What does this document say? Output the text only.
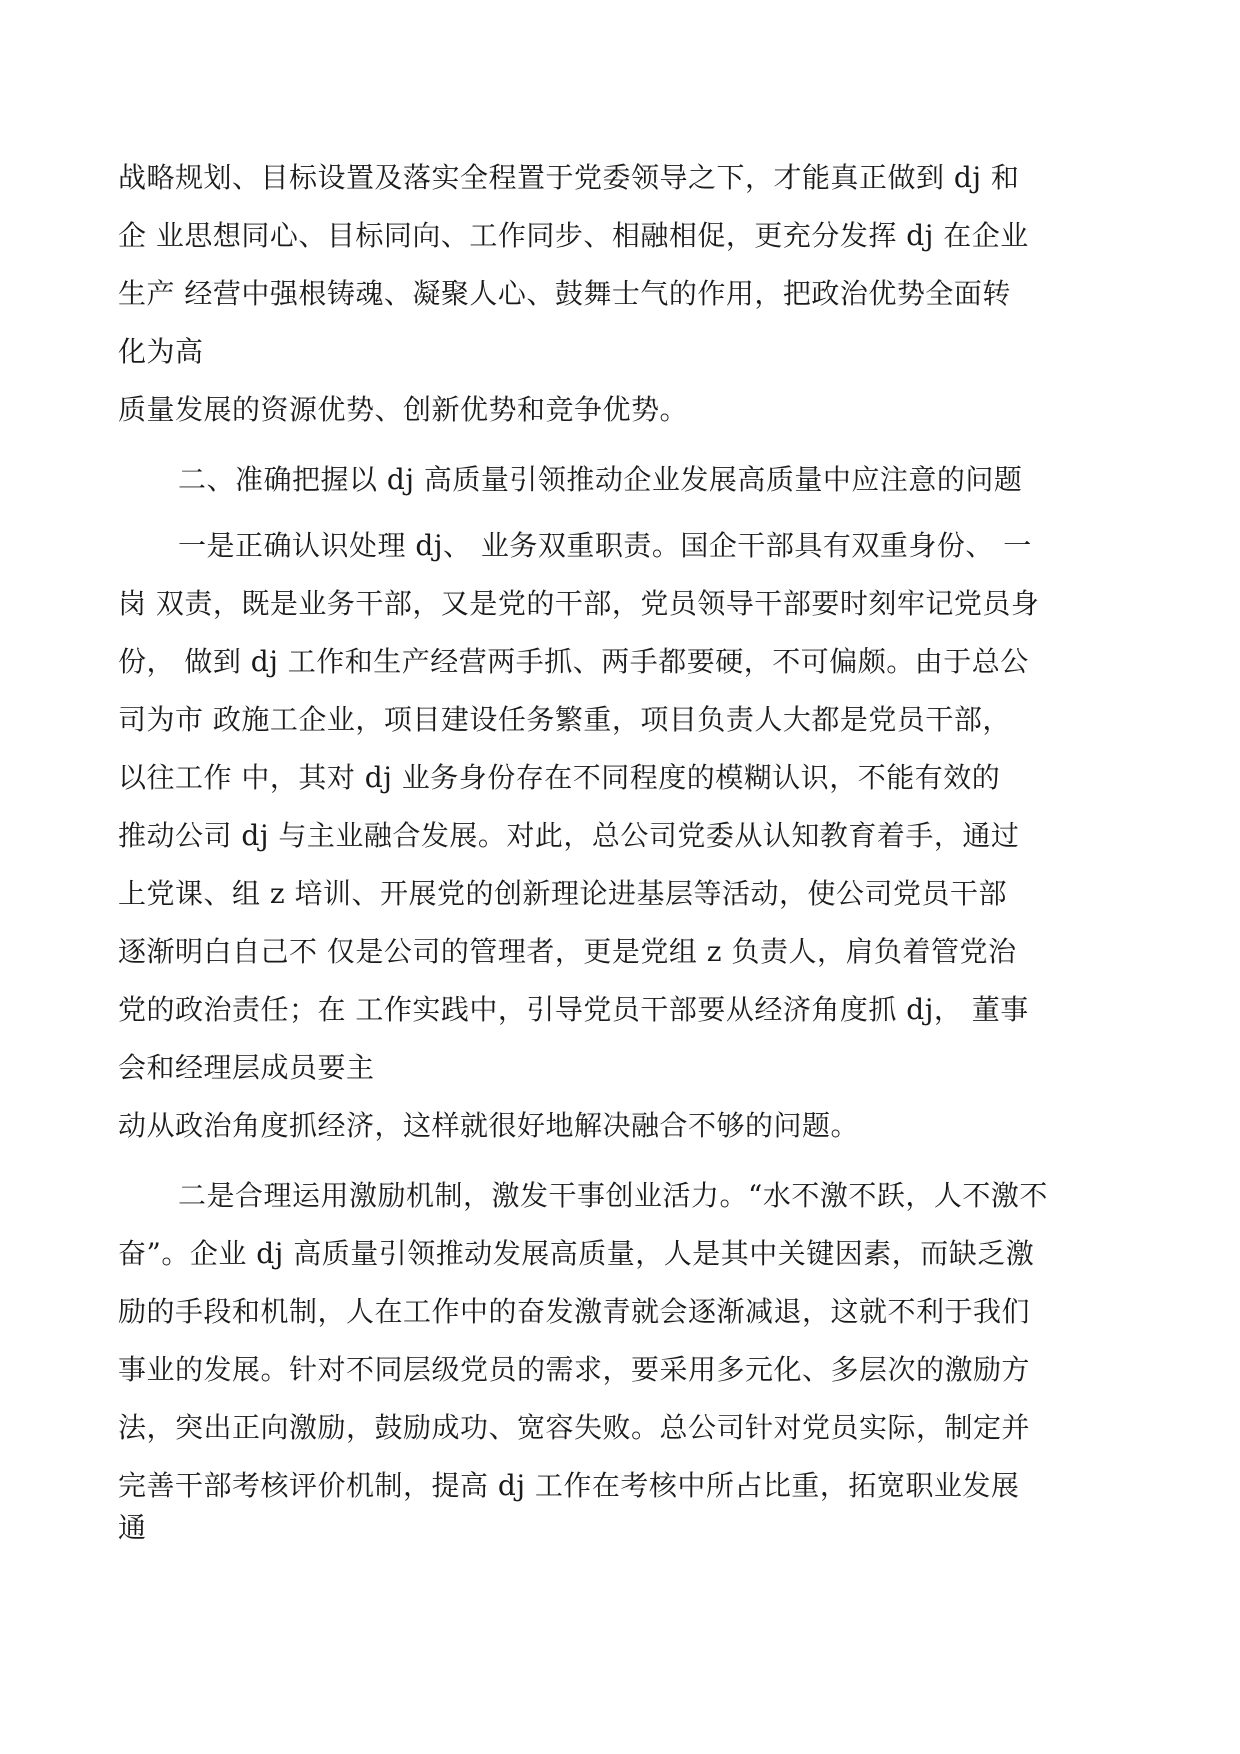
战略规划、目标设置及落实全程置于党委领导之下，才能真正做到 dj 和
企 业思想同心、目标同向、工作同步、相融相促，更充分发挥 dj 在企业
生产 经营中强根铸魂、凝聚人心、鼓舞士气的作用，把政治优势全面转
化为高
质量发展的资源优势、创新优势和竞争优势。
二、准确把握以 dj 高质量引领推动企业发展高质量中应注意的问题
一是正确认识处理 dj、 业务双重职责。国企干部具有双重身份、 一
岗 双责，既是业务干部，又是党的干部，党员领导干部要时刻牢记党员身
份， 做到 dj 工作和生产经营两手抓、两手都要硬，不可偏颇。由于总公
司为市 政施工企业，项目建设任务繁重，项目负责人大都是党员干部，
以往工作 中，其对 dj 业务身份存在不同程度的模糊认识，不能有效的
推动公司 dj 与主业融合发展。对此，总公司党委从认知教育着手，通过
上党课、组 z 培训、开展党的创新理论进基层等活动，使公司党员干部
逐渐明白自己不 仅是公司的管理者，更是党组 z 负责人，肩负着管党治
党的政治责任；在 工作实践中，引导党员干部要从经济角度抓 dj， 董事
会和经理层成员要主
动从政治角度抓经济，这样就很好地解决融合不够的问题。
二是合理运用激励机制，激发干事创业活力。“水不激不跃，人不激不
奋”。企业 dj 高质量引领推动发展高质量，人是其中关键因素，而缺乏激
励的手段和机制，人在工作中的奋发激青就会逐渐减退，这就不利于我们
事业的发展。针对不同层级党员的需求，要采用多元化、多层次的激励方
法，突出正向激励，鼓励成功、宽容失败。总公司针对党员实际，制定并
完善干部考核评价机制，提高 dj 工作在考核中所占比重，拓宽职业发展
通
